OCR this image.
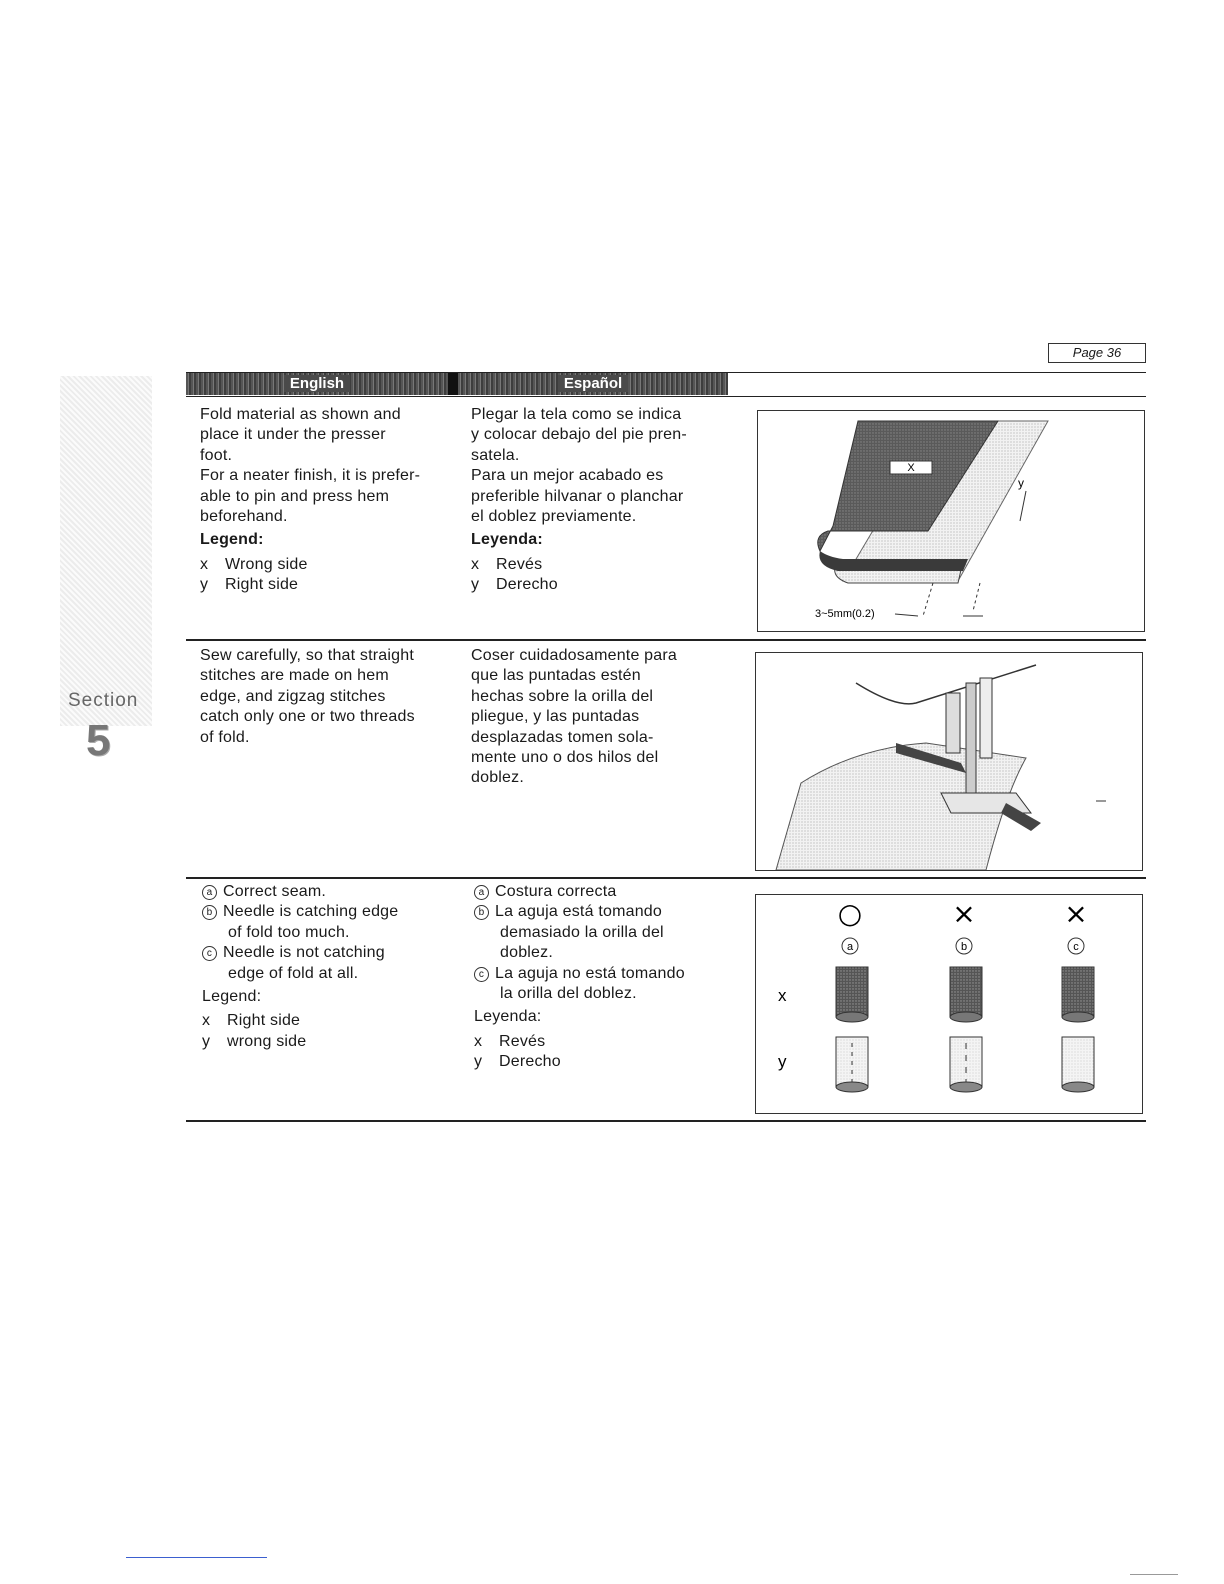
Page 36
Section
5
English	Español

Fold material as shown and

place it under the presser

foot.

For a neater finish, it is prefer-

able to pin and press hem

beforehand.

Legend:

x	Wrong side
y	Right side

Plegar la tela como se indica

y colocar debajo del pie pren-

satela.

Para un mejor acabado es

preferible hilvanar o planchar

el doblez previamente.

Leyenda:

x	Revés
y	Derecho
X
y
3~5mm(0.2)

Sew carefully, so that straight

stitches are made on hem

edge, and zigzag stitches

catch only one or two threads

of fold.

Coser cuidadosamente para

que las puntadas estén

hechas sobre la orilla del

pliegue, y las puntadas

desplazadas tomen sola-

mente uno o dos hilos del

doblez.

a Correct seam.

b Needle is catching edge

of fold too much.

c Needle is not catching

edge of fold at all.

Legend:

x	Right side
y	wrong side

a Costura correcta

b La aguja está tomando

demasiado la orilla del

doblez.

c La aguja no está tomando

la orilla del doblez.

Leyenda:

x	Revés
y	Derecho
○	×	×
a	b	c
x
y
